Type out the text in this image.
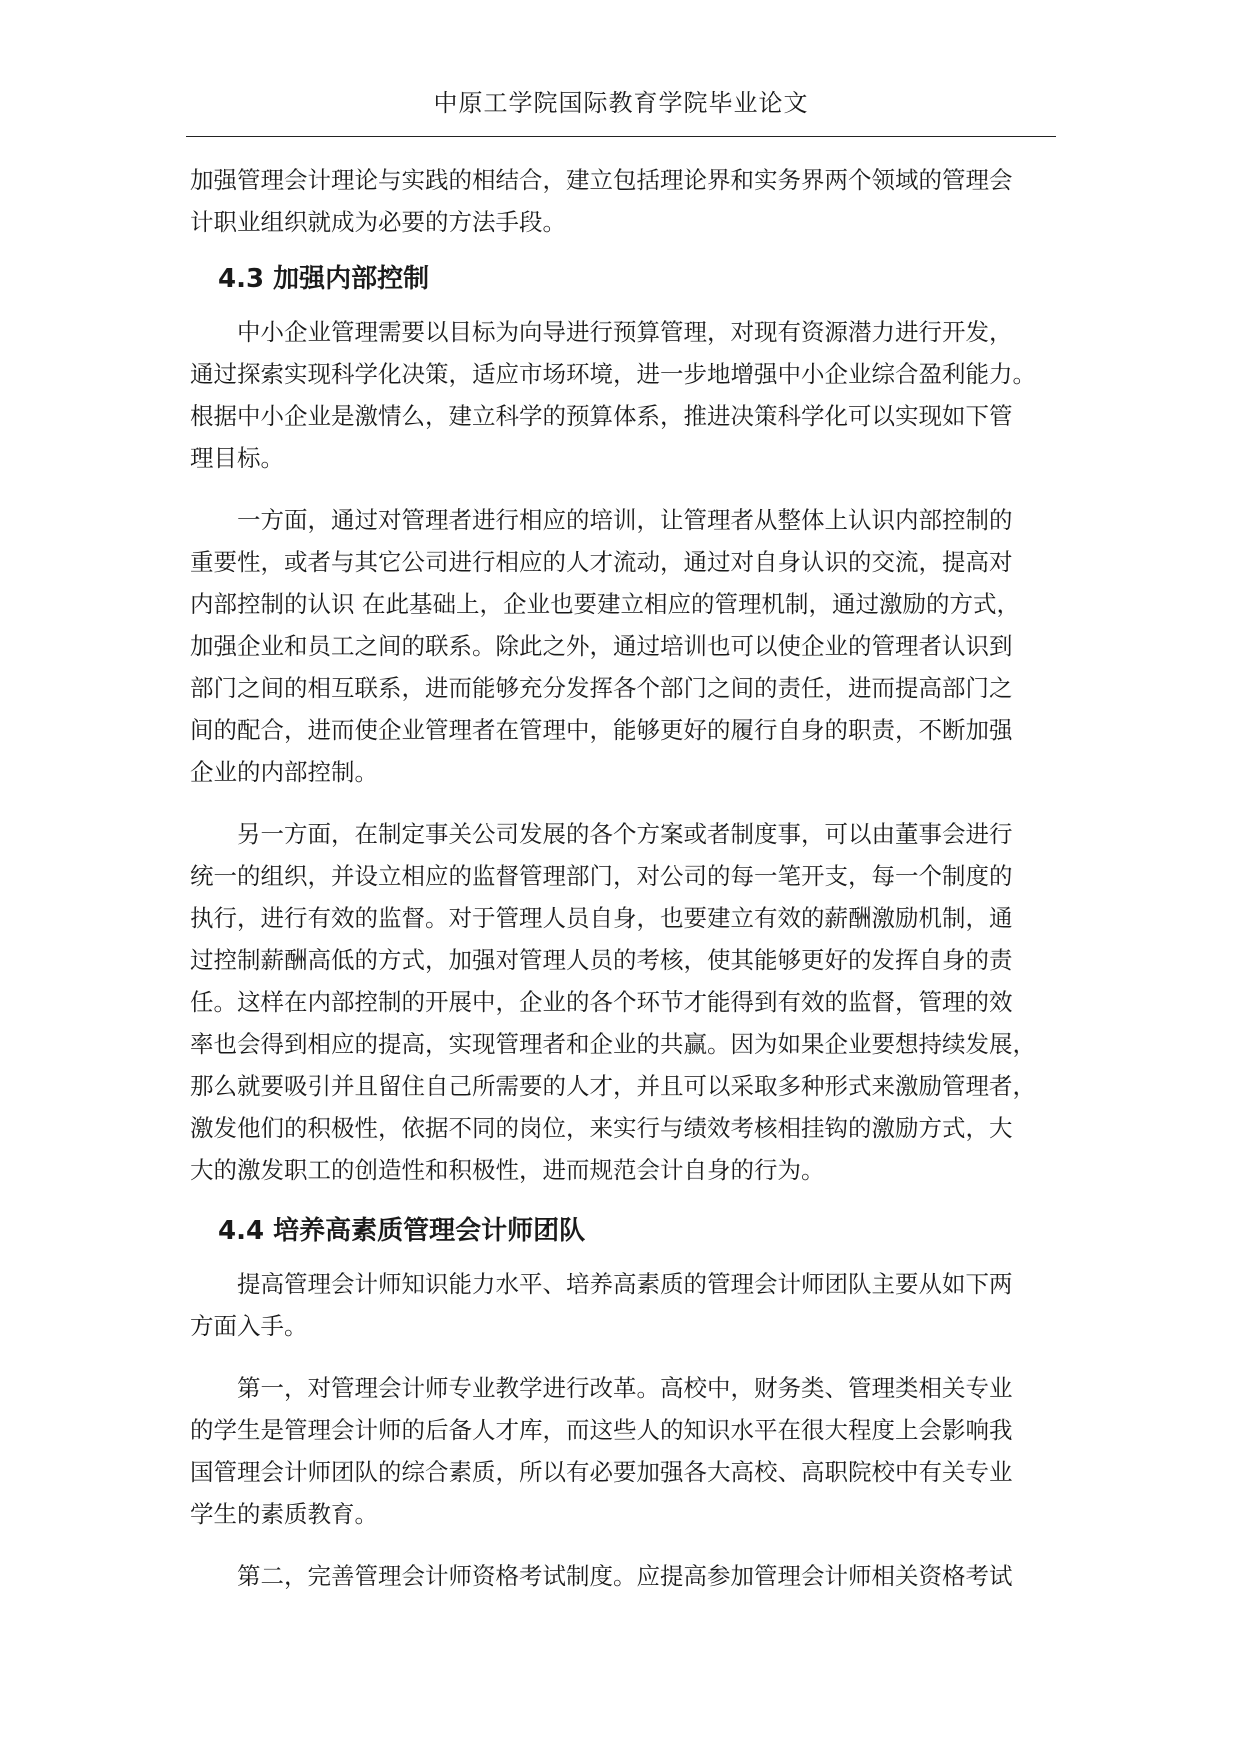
中原工学院国际教育学院毕业论文

加强管理会计理论与实践的相结合，建立包括理论界和实务界两个领域的管理会
计职业组织就成为必要的方法手段。

4.3 加强内部控制

中小企业管理需要以目标为向导进行预算管理，对现有资源潜力进行开发，
通过探索实现科学化决策，适应市场环境，进一步地增强中小企业综合盈利能力。
根据中小企业是激情么，建立科学的预算体系，推进决策科学化可以实现如下管
理目标。

一方面，通过对管理者进行相应的培训，让管理者从整体上认识内部控制的
重要性，或者与其它公司进行相应的人才流动，通过对自身认识的交流，提高对
内部控制的认识 在此基础上，企业也要建立相应的管理机制，通过激励的方式，
加强企业和员工之间的联系。除此之外，通过培训也可以使企业的管理者认识到
部门之间的相互联系，进而能够充分发挥各个部门之间的责任，进而提高部门之
间的配合，进而使企业管理者在管理中，能够更好的履行自身的职责，不断加强
企业的内部控制。

另一方面，在制定事关公司发展的各个方案或者制度事，可以由董事会进行
统一的组织，并设立相应的监督管理部门，对公司的每一笔开支，每一个制度的
执行，进行有效的监督。对于管理人员自身，也要建立有效的薪酬激励机制，通
过控制薪酬高低的方式，加强对管理人员的考核，使其能够更好的发挥自身的责
任。这样在内部控制的开展中，企业的各个环节才能得到有效的监督，管理的效
率也会得到相应的提高，实现管理者和企业的共赢。因为如果企业要想持续发展，
那么就要吸引并且留住自己所需要的人才，并且可以采取多种形式来激励管理者，
激发他们的积极性，依据不同的岗位，来实行与绩效考核相挂钩的激励方式，大
大的激发职工的创造性和积极性，进而规范会计自身的行为。

4.4 培养高素质管理会计师团队

提高管理会计师知识能力水平、培养高素质的管理会计师团队主要从如下两
方面入手。

第一，对管理会计师专业教学进行改革。高校中，财务类、管理类相关专业
的学生是管理会计师的后备人才库，而这些人的知识水平在很大程度上会影响我
国管理会计师团队的综合素质，所以有必要加强各大高校、高职院校中有关专业
学生的素质教育。

第二，完善管理会计师资格考试制度。应提高参加管理会计师相关资格考试
